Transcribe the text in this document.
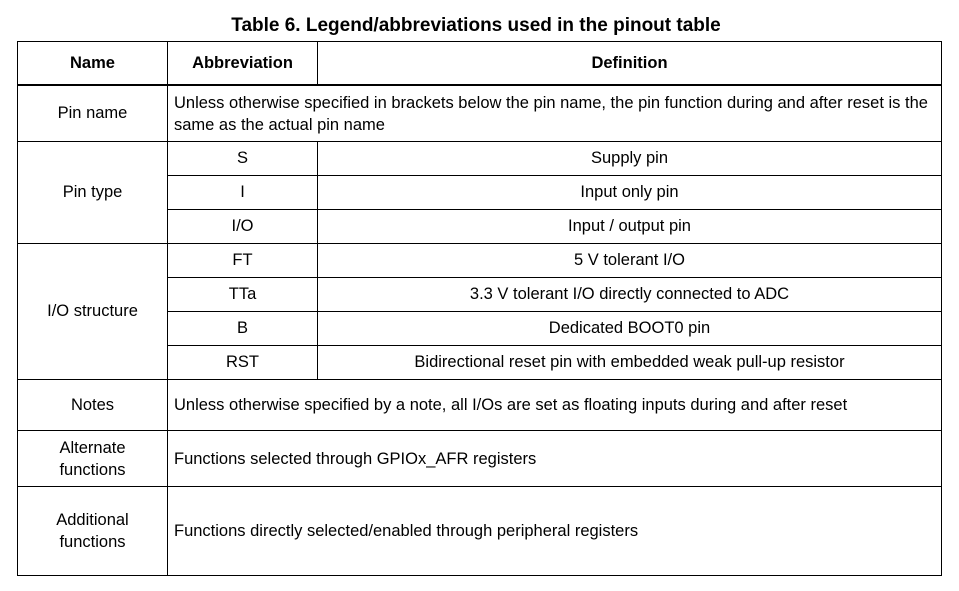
Table 6. Legend/abbreviations used in the pinout table
Name	Abbreviation	Definition
Pin name	Unless otherwise specified in brackets below the pin name, the pin function during and after reset is the same as the actual pin name	
Pin type	S	Supply pin
	I	Input only pin
	I/O	Input / output pin
I/O structure	FT	5 V tolerant I/O
	TTa	3.3 V tolerant I/O directly connected to ADC
	B	Dedicated BOOT0 pin
	RST	Bidirectional reset pin with embedded weak pull-up resistor
Notes	Unless otherwise specified by a note, all I/Os are set as floating inputs during and after reset	
Alternate
functions	Functions selected through GPIOx_AFR registers	
Additional
functions	Functions directly selected/enabled through peripheral registers	
